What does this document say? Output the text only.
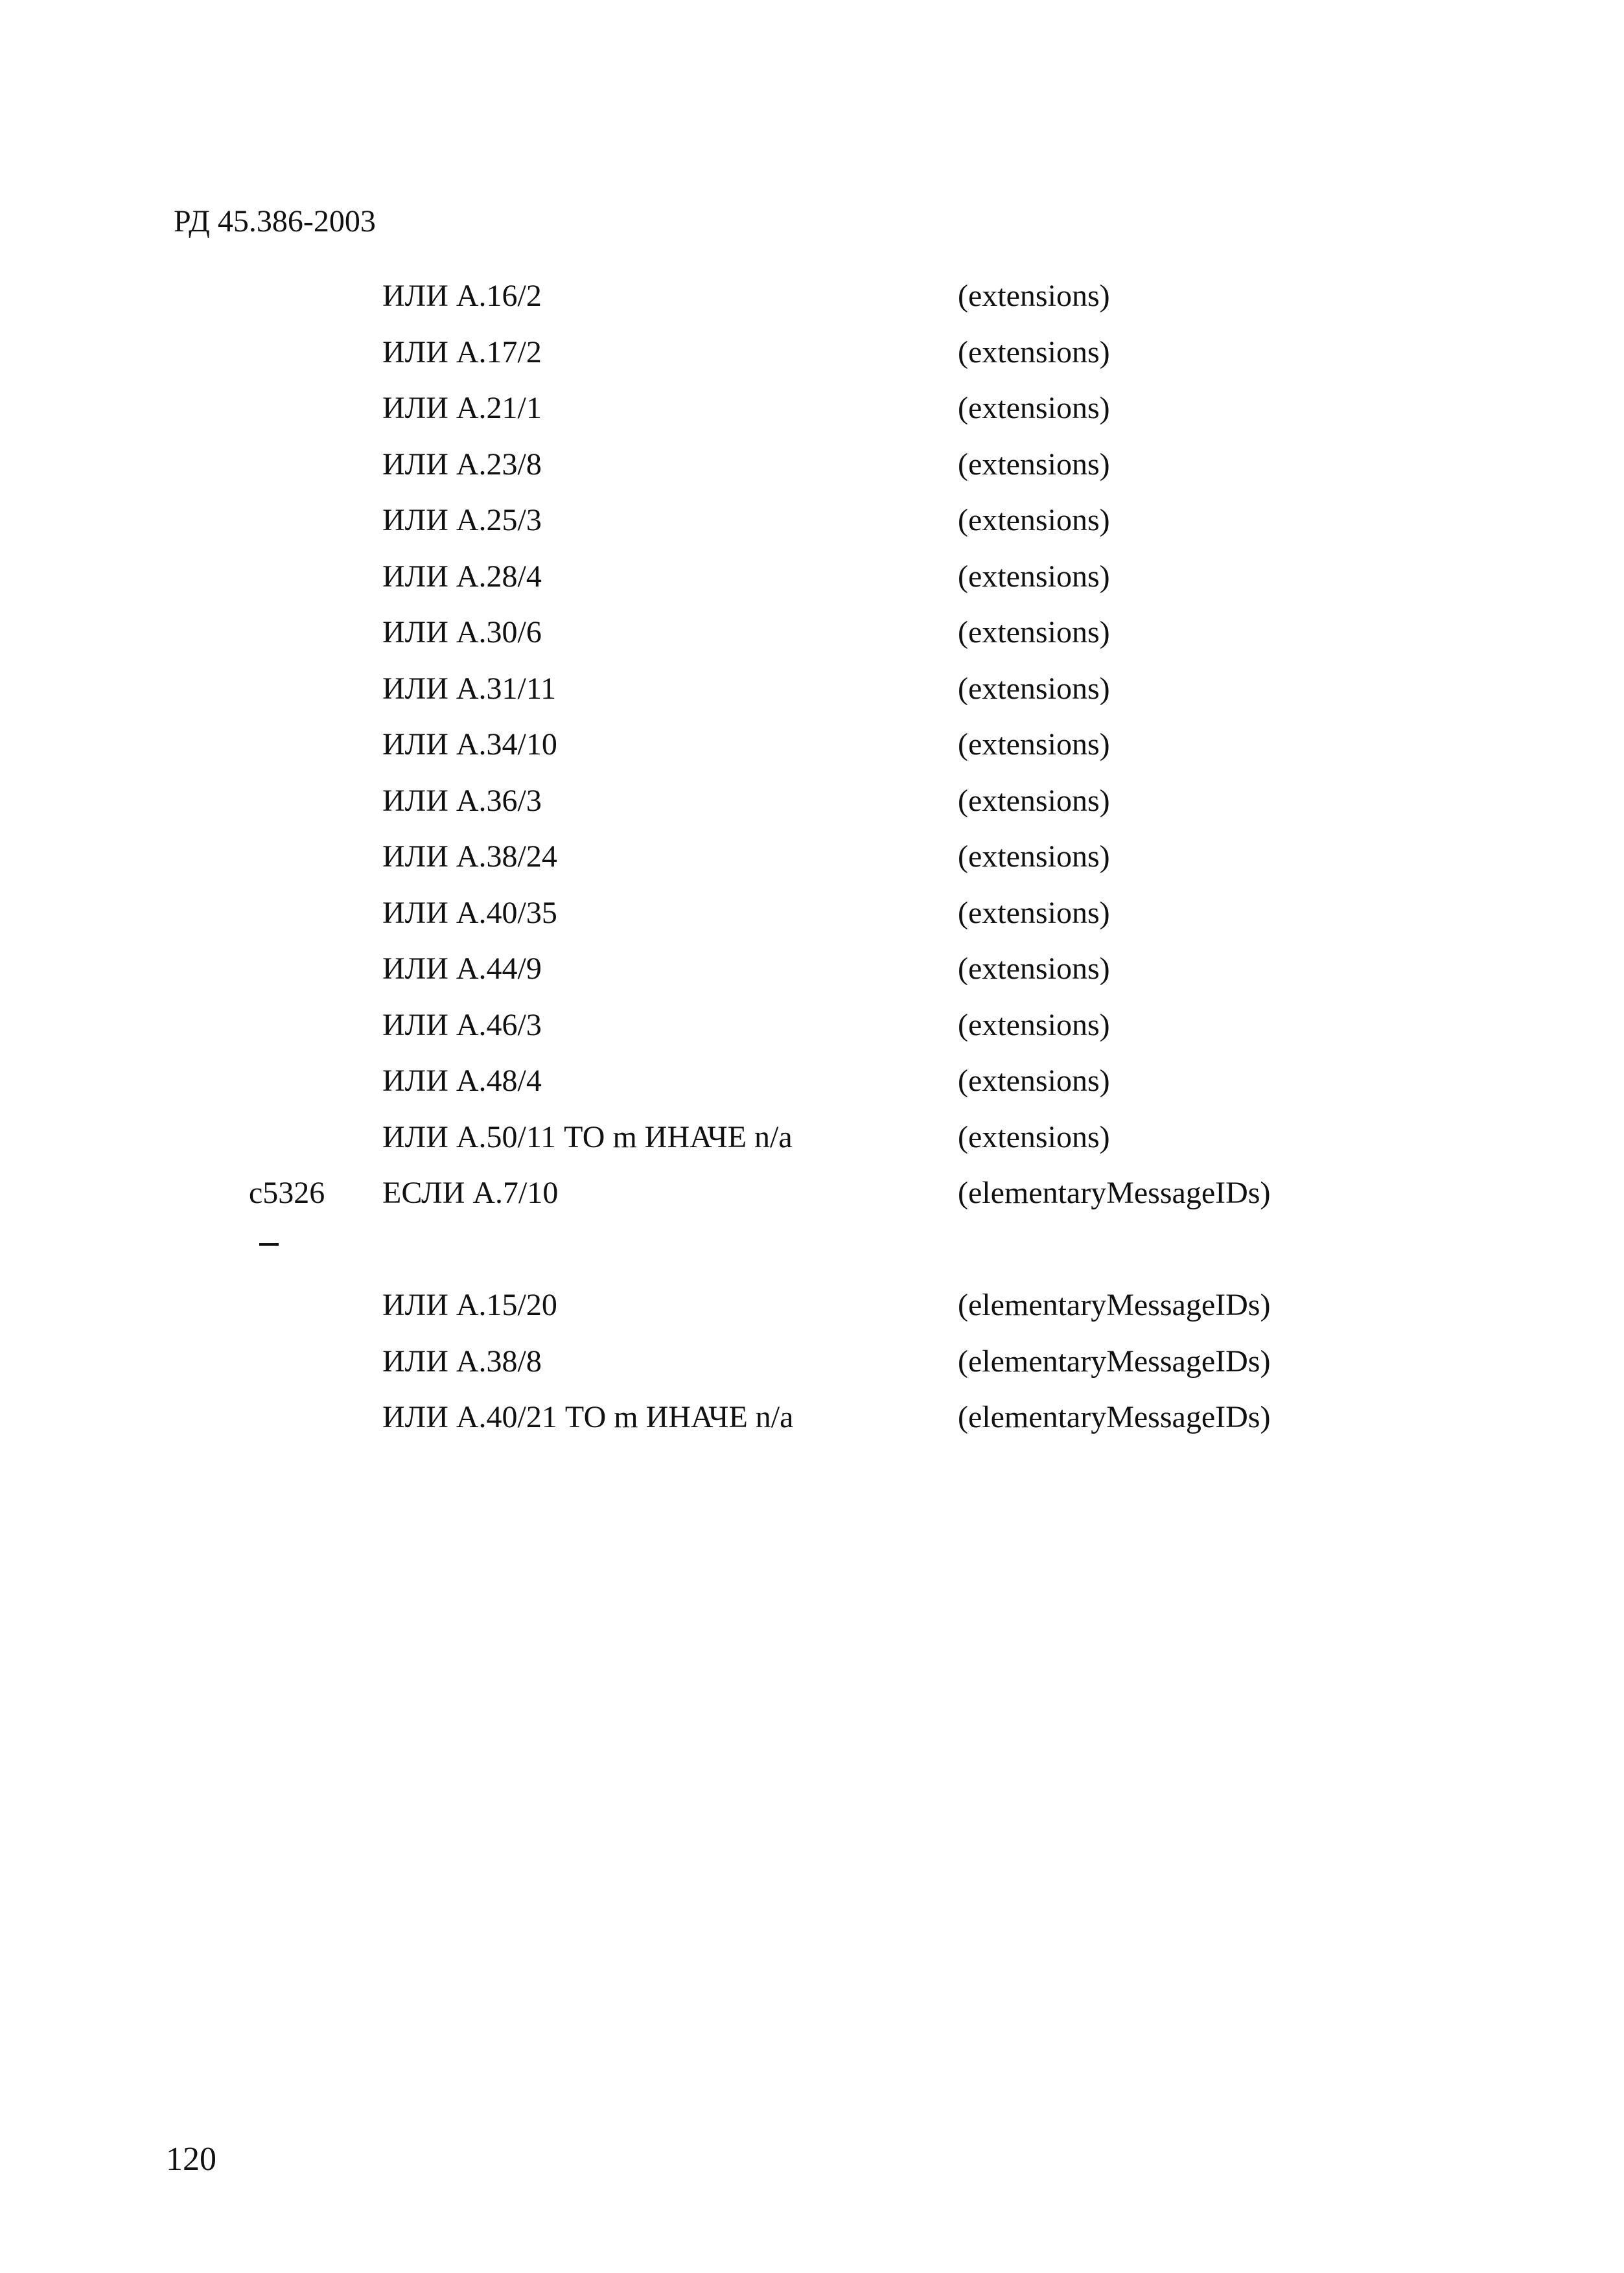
РД 45.386-2003
ИЛИ А.16/2	(extensions)
ИЛИ А.17/2	(extensions)
ИЛИ А.21/1	(extensions)
ИЛИ А.23/8	(extensions)
ИЛИ А.25/3	(extensions)
ИЛИ А.28/4	(extensions)
ИЛИ А.30/6	(extensions)
ИЛИ А.31/11	(extensions)
ИЛИ А.34/10	(extensions)
ИЛИ А.36/3	(extensions)
ИЛИ А.38/24	(extensions)
ИЛИ А.40/35	(extensions)
ИЛИ А.44/9	(extensions)
ИЛИ А.46/3	(extensions)
ИЛИ А.48/4	(extensions)
ИЛИ А.50/11 ТО m ИНАЧЕ n/a	(extensions)
c5326 ЕСЛИ А.7/10	(elementaryMessageIDs)
ИЛИ А.15/20	(elementaryMessageIDs)
ИЛИ А.38/8	(elementaryMessageIDs)
ИЛИ А.40/21 ТО m ИНАЧЕ n/a	(elementaryMessageIDs)
120
